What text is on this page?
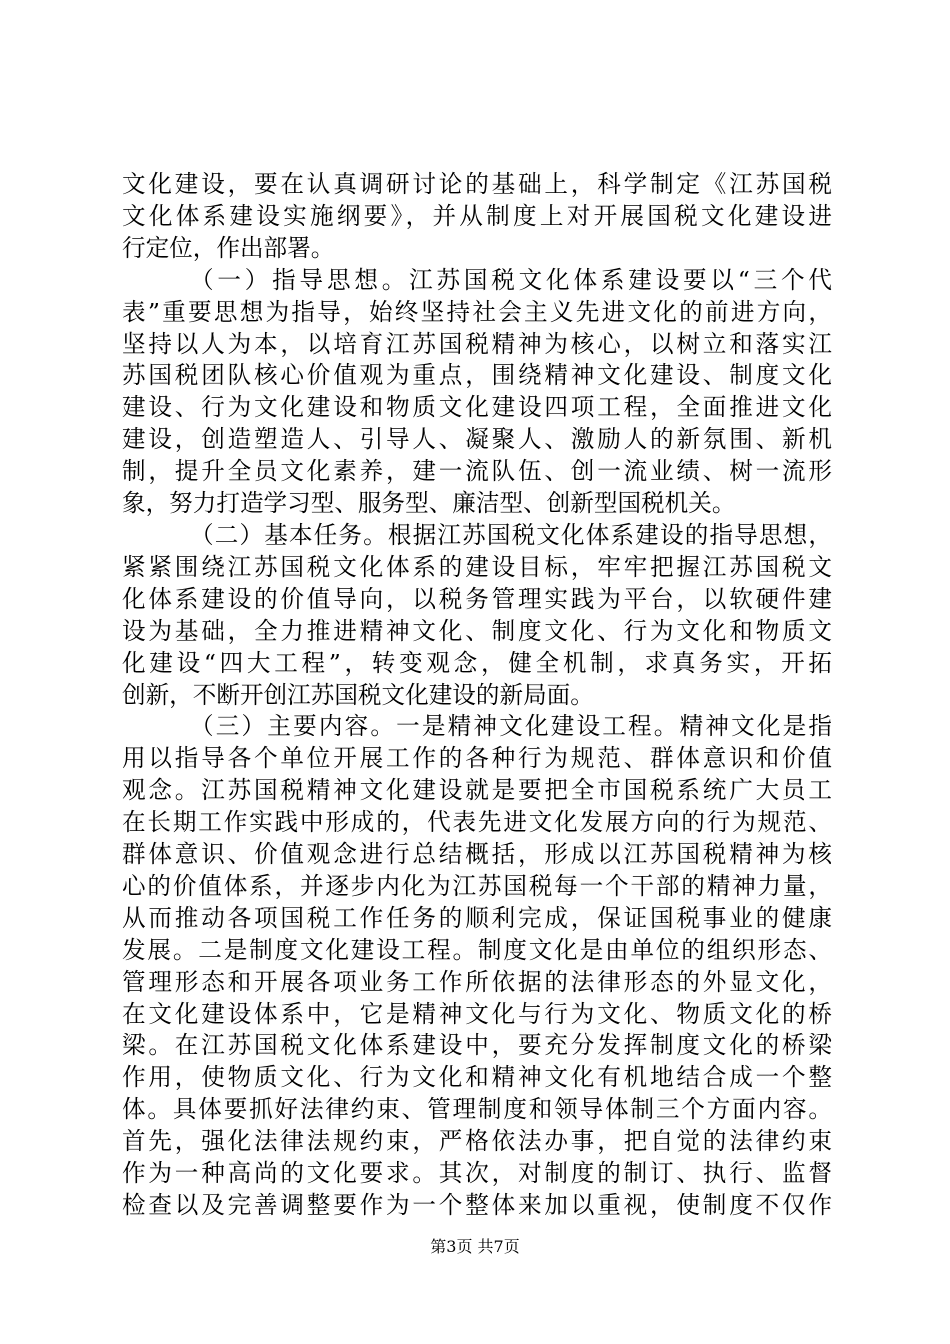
文化建设，要在认真调研讨论的基础上，科学制定《江苏国税
文化体系建设实施纲要》，并从制度上对开展国税文化建设进
行定位，作出部署。
（一）指导思想。江苏国税文化体系建设要以“三个代
表”重要思想为指导，始终坚持社会主义先进文化的前进方向，
坚持以人为本，以培育江苏国税精神为核心，以树立和落实江
苏国税团队核心价值观为重点，围绕精神文化建设、制度文化
建设、行为文化建设和物质文化建设四项工程，全面推进文化
建设，创造塑造人、引导人、凝聚人、激励人的新氛围、新机
制，提升全员文化素养，建一流队伍、创一流业绩、树一流形
象，努力打造学习型、服务型、廉洁型、创新型国税机关。
（二）基本任务。根据江苏国税文化体系建设的指导思想，
紧紧围绕江苏国税文化体系的建设目标，牢牢把握江苏国税文
化体系建设的价值导向，以税务管理实践为平台，以软硬件建
设为基础，全力推进精神文化、制度文化、行为文化和物质文
化建设“四大工程”，转变观念，健全机制，求真务实，开拓
创新，不断开创江苏国税文化建设的新局面。
（三）主要内容。一是精神文化建设工程。精神文化是指
用以指导各个单位开展工作的各种行为规范、群体意识和价值
观念。江苏国税精神文化建设就是要把全市国税系统广大员工
在长期工作实践中形成的，代表先进文化发展方向的行为规范、
群体意识、价值观念进行总结概括，形成以江苏国税精神为核
心的价值体系，并逐步内化为江苏国税每一个干部的精神力量，
从而推动各项国税工作任务的顺利完成，保证国税事业的健康
发展。二是制度文化建设工程。制度文化是由单位的组织形态、
管理形态和开展各项业务工作所依据的法律形态的外显文化，
在文化建设体系中，它是精神文化与行为文化、物质文化的桥
梁。在江苏国税文化体系建设中，要充分发挥制度文化的桥梁
作用，使物质文化、行为文化和精神文化有机地结合成一个整
体。具体要抓好法律约束、管理制度和领导体制三个方面内容。
首先，强化法律法规约束，严格依法办事，把自觉的法律约束
第3页 共7页
作为一种高尚的文化要求。其次，对制度的制订、执行、监督
检查以及完善调整要作为一个整体来加以重视，使制度不仅作
